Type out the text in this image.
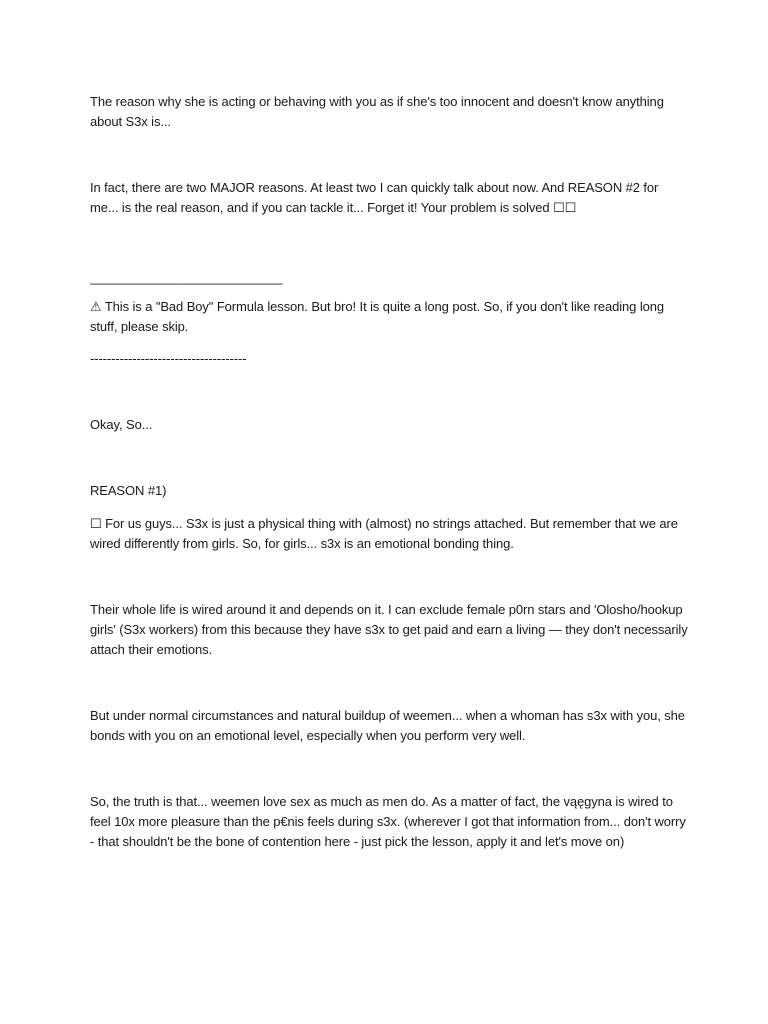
The reason why she is acting or behaving with you as if she's too innocent and doesn't know anything about S3x is...

In fact, there are two MAJOR reasons. At least two I can quickly talk about now. And REASON #2 for me... is the real reason, and if you can tackle it... Forget it! Your problem is solved ☐☐

___________________________

⚠ This is a "Bad Boy" Formula lesson. But bro! It is quite a long post. So, if you don't like reading long stuff, please skip.

-------------------------------------

Okay, So...

REASON #1)

☐ For us guys... S3x is just a physical thing with (almost) no strings attached. But remember that we are wired differently from girls. So, for girls... s3x is an emotional bonding thing.

Their whole life is wired around it and depends on it. I can exclude female p0rn stars and 'Olosho/hookup girls' (S3x workers) from this because they have s3x to get paid and earn a living — they don't necessarily attach their emotions.

But under normal circumstances and natural buildup of weemen... when a whoman has s3x with you, she bonds with you on an emotional level, especially when you perform very well.

So, the truth is that... weemen love sex as much as men do. As a matter of fact, the vąęgyna is wired to feel 10x more pleasure than the p€nis feels during s3x. (wherever I got that information from... don't worry - that shouldn't be the bone of contention here - just pick the lesson, apply it and let's move on)
